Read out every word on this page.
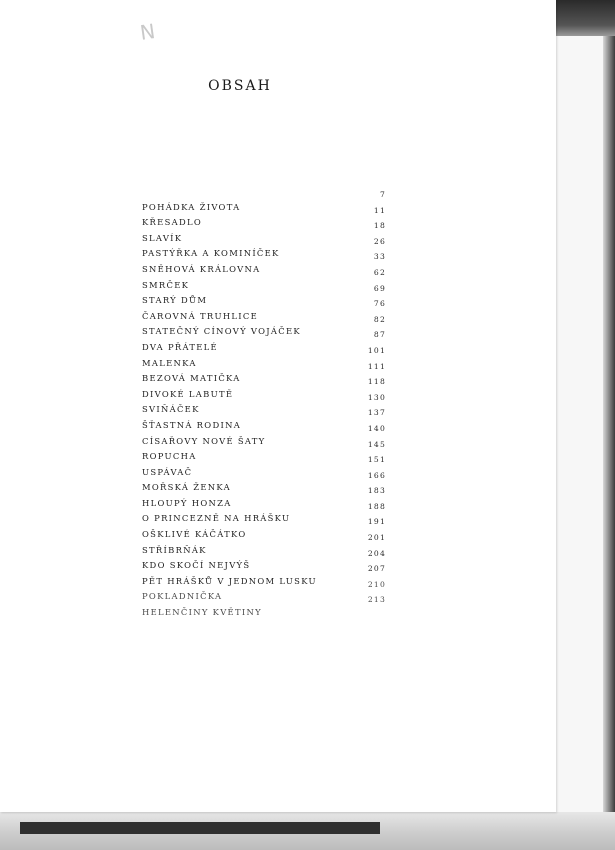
N
OBSAH
POHÁDKA ŽIVOTA
7
KŘESADLO
11
SLAVÍK
18
PASTÝŘKA A KOMINÍČEK
26
SNĚHOVÁ KRÁLOVNA
33
SMRČEK
62
STARÝ DŮM
69
ČAROVNÁ TRUHLICE
76
STATEČNÝ CÍNOVÝ VOJÁČEK
82
DVA PŘÁTELÉ
87
MALENKA
101
BEZOVÁ MATIČKA
111
DIVOKÉ LABUTĚ
118
SVIŇÁČEK
130
ŠŤASTNÁ RODINA
137
CÍSAŘOVY NOVÉ ŠATY
140
ROPUCHA
145
USPÁVAČ
151
MOŘSKÁ ŽENKA
166
HLOUPÝ HONZA
183
O PRINCEZNĚ NA HRÁŠKU
188
OŠKLIVÉ KÁČÁTKO
191
STŘÍBRŇÁK
201
KDO SKOČÍ NEJVÝŠ
204
PĚT HRÁŠKŮ V JEDNOM LUSKU
207
POKLADNIČKA
210
HELENČINY KVĚTINY
213
